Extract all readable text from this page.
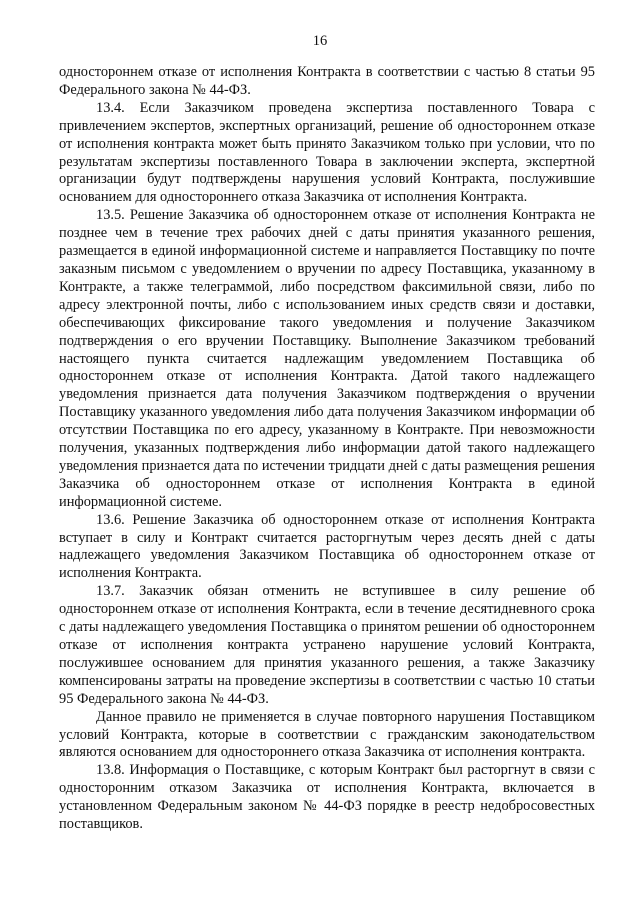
16

одностороннем отказе от исполнения Контракта в соответствии с частью 8 статьи 95 Федерального закона № 44-ФЗ.

13.4. Если Заказчиком проведена экспертиза поставленного Товара с привлечением экспертов, экспертных организаций, решение об одностороннем отказе от исполнения контракта может быть принято Заказчиком только при условии, что по результатам экспертизы поставленного Товара в заключении эксперта, экспертной организации будут подтверждены нарушения условий Контракта, послужившие основанием для одностороннего отказа Заказчика от исполнения Контракта.

13.5. Решение Заказчика об одностороннем отказе от исполнения Контракта не позднее чем в течение трех рабочих дней с даты принятия указанного решения, размещается в единой информационной системе и направляется Поставщику по почте заказным письмом с уведомлением о вручении по адресу Поставщика, указанному в Контракте, а также телеграммой, либо посредством факсимильной связи, либо по адресу электронной почты, либо с использованием иных средств связи и доставки, обеспечивающих фиксирование такого уведомления и получение Заказчиком подтверждения о его вручении Поставщику. Выполнение Заказчиком требований настоящего пункта считается надлежащим уведомлением Поставщика об одностороннем отказе от исполнения Контракта. Датой такого надлежащего уведомления признается дата получения Заказчиком подтверждения о вручении Поставщику указанного уведомления либо дата получения Заказчиком информации об отсутствии Поставщика по его адресу, указанному в Контракте. При невозможности получения, указанных подтверждения либо информации датой такого надлежащего уведомления признается дата по истечении тридцати дней с даты размещения решения Заказчика об одностороннем отказе от исполнения Контракта в единой информационной системе.

13.6. Решение Заказчика об одностороннем отказе от исполнения Контракта вступает в силу и Контракт считается расторгнутым через десять дней с даты надлежащего уведомления Заказчиком Поставщика об одностороннем отказе от исполнения Контракта.

13.7. Заказчик обязан отменить не вступившее в силу решение об одностороннем отказе от исполнения Контракта, если в течение десятидневного срока с даты надлежащего уведомления Поставщика о принятом решении об одностороннем отказе от исполнения контракта устранено нарушение условий Контракта, послужившее основанием для принятия указанного решения, а также Заказчику компенсированы затраты на проведение экспертизы в соответствии с частью 10 статьи 95 Федерального закона № 44-ФЗ.

Данное правило не применяется в случае повторного нарушения Поставщиком условий Контракта, которые в соответствии с гражданским законодательством являются основанием для одностороннего отказа Заказчика от исполнения контракта.

13.8. Информация о Поставщике, с которым Контракт был расторгнут в связи с односторонним отказом Заказчика от исполнения Контракта, включается в установленном Федеральным законом № 44-ФЗ порядке в реестр недобросовестных поставщиков.
